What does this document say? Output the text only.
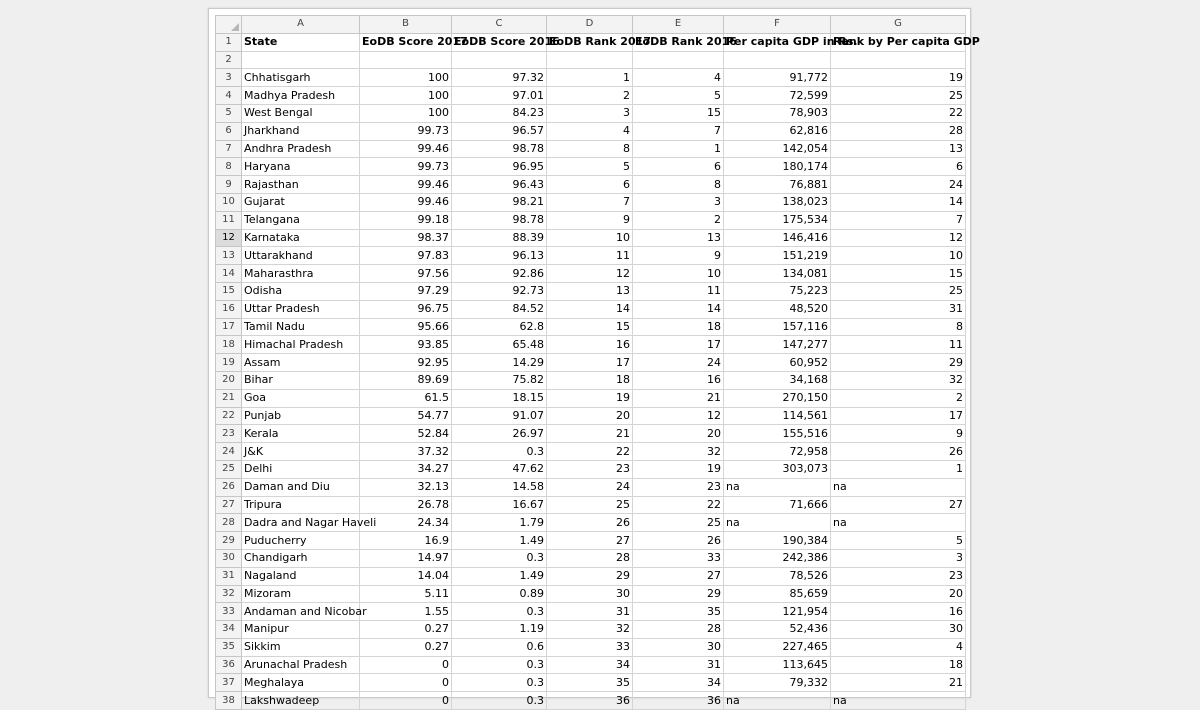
	A	B	C	D	E	F	G
1	State	EoDB Score 2017	EoDB Score 2016	EoDB Rank 2017	EoDB Rank 2016	Per capita GDP in Rs.	Rank by Per capita GDP
2							
3	Chhatisgarh	100	97.32	1	4	91,772	19
4	Madhya Pradesh	100	97.01	2	5	72,599	25
5	West Bengal	100	84.23	3	15	78,903	22
6	Jharkhand	99.73	96.57	4	7	62,816	28
7	Andhra Pradesh	99.46	98.78	8	1	142,054	13
8	Haryana	99.73	96.95	5	6	180,174	6
9	Rajasthan	99.46	96.43	6	8	76,881	24
10	Gujarat	99.46	98.21	7	3	138,023	14
11	Telangana	99.18	98.78	9	2	175,534	7
12	Karnataka	98.37	88.39	10	13	146,416	12
13	Uttarakhand	97.83	96.13	11	9	151,219	10
14	Maharasthra	97.56	92.86	12	10	134,081	15
15	Odisha	97.29	92.73	13	11	75,223	25
16	Uttar Pradesh	96.75	84.52	14	14	48,520	31
17	Tamil Nadu	95.66	62.8	15	18	157,116	8
18	Himachal Pradesh	93.85	65.48	16	17	147,277	11
19	Assam	92.95	14.29	17	24	60,952	29
20	Bihar	89.69	75.82	18	16	34,168	32
21	Goa	61.5	18.15	19	21	270,150	2
22	Punjab	54.77	91.07	20	12	114,561	17
23	Kerala	52.84	26.97	21	20	155,516	9
24	J&K	37.32	0.3	22	32	72,958	26
25	Delhi	34.27	47.62	23	19	303,073	1
26	Daman and Diu	32.13	14.58	24	23	na	na
27	Tripura	26.78	16.67	25	22	71,666	27
28	Dadra and Nagar Haveli	24.34	1.79	26	25	na	na
29	Puducherry	16.9	1.49	27	26	190,384	5
30	Chandigarh	14.97	0.3	28	33	242,386	3
31	Nagaland	14.04	1.49	29	27	78,526	23
32	Mizoram	5.11	0.89	30	29	85,659	20
33	Andaman and Nicobar	1.55	0.3	31	35	121,954	16
34	Manipur	0.27	1.19	32	28	52,436	30
35	Sikkim	0.27	0.6	33	30	227,465	4
36	Arunachal Pradesh	0	0.3	34	31	113,645	18
37	Meghalaya	0	0.3	35	34	79,332	21
38	Lakshwadeep	0	0.3	36	36	na	na
